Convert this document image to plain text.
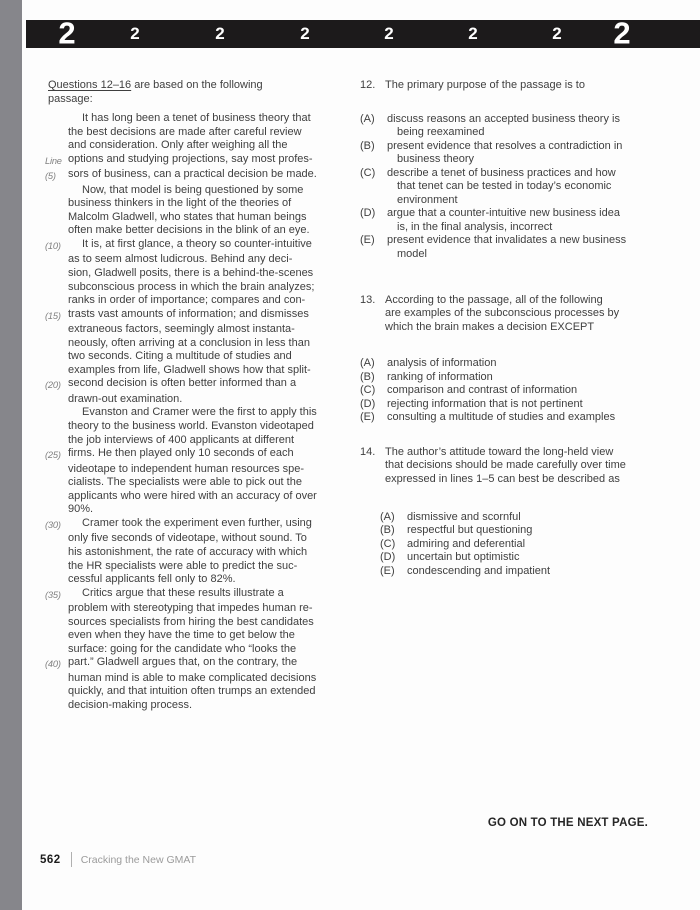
2	2	2	2	2	2	2 2
Questions 12–16 are based on the following
passage:
It has long been a tenet of business theory that
the best decisions are made after careful review
and consideration. Only after weighing all the
Line options and studying projections, say most profes-
(5)	sors of business, can a practical decision be made.
Now, that model is being questioned by some
business thinkers in the light of the theories of
Malcolm Gladwell, who states that human beings
often make better decisions in the blink of an eye.
(10)	It is, at first glance, a theory so counter-intuitive
as to seem almost ludicrous. Behind any deci-
sion, Gladwell posits, there is a behind-the-scenes
subconscious process in which the brain analyzes;
ranks in order of importance; compares and con-
(15) trasts vast amounts of information; and dismisses
extraneous factors, seemingly almost instanta-
neously, often arriving at a conclusion in less than
two seconds. Citing a multitude of studies and
examples from life, Gladwell shows how that split-
(20) second decision is often better informed than a
drawn-out examination.
Evanston and Cramer were the first to apply this
theory to the business world. Evanston videotaped
the job interviews of 400 applicants at different
(25) firms. He then played only 10 seconds of each
videotape to independent human resources spe-
cialists. The specialists were able to pick out the
applicants who were hired with an accuracy of over
90%.
(30)	Cramer took the experiment even further, using
only five seconds of videotape, without sound. To
his astonishment, the rate of accuracy with which
the HR specialists were able to predict the suc-
cessful applicants fell only to 82%.
(35)	Critics argue that these results illustrate a
problem with stereotyping that impedes human re-
sources specialists from hiring the best candidates
even when they have the time to get below the
surface: going for the candidate who “looks the
(40) part.” Gladwell argues that, on the contrary, the
human mind is able to make complicated decisions
quickly, and that intuition often trumps an extended
decision-making process.
12. The primary purpose of the passage is to
(A)	discuss reasons an accepted business theory is
being reexamined
(B)	present evidence that resolves a contradiction in
business theory
(C)	describe a tenet of business practices and how
that tenet can be tested in today’s economic
environment
(D)	argue that a counter-intuitive new business idea
is, in the final analysis, incorrect
(E)	present evidence that invalidates a new business
model
13. According to the passage, all of the following
are examples of the subconscious processes by
which the brain makes a decision EXCEPT
(A)	analysis of information
(B)	ranking of information
(C)	comparison and contrast of information
(D)	rejecting information that is not pertinent
(E)	consulting a multitude of studies and examples
14. The author’s attitude toward the long-held view
that decisions should be made carefully over time
expressed in lines 1–5 can best be described as
(A)	dismissive and scornful
(B)	respectful but questioning
(C)	admiring and deferential
(D)	uncertain but optimistic
(E)	condescending and impatient
GO ON TO THE NEXT PAGE.
562 Cracking the New GMAT
